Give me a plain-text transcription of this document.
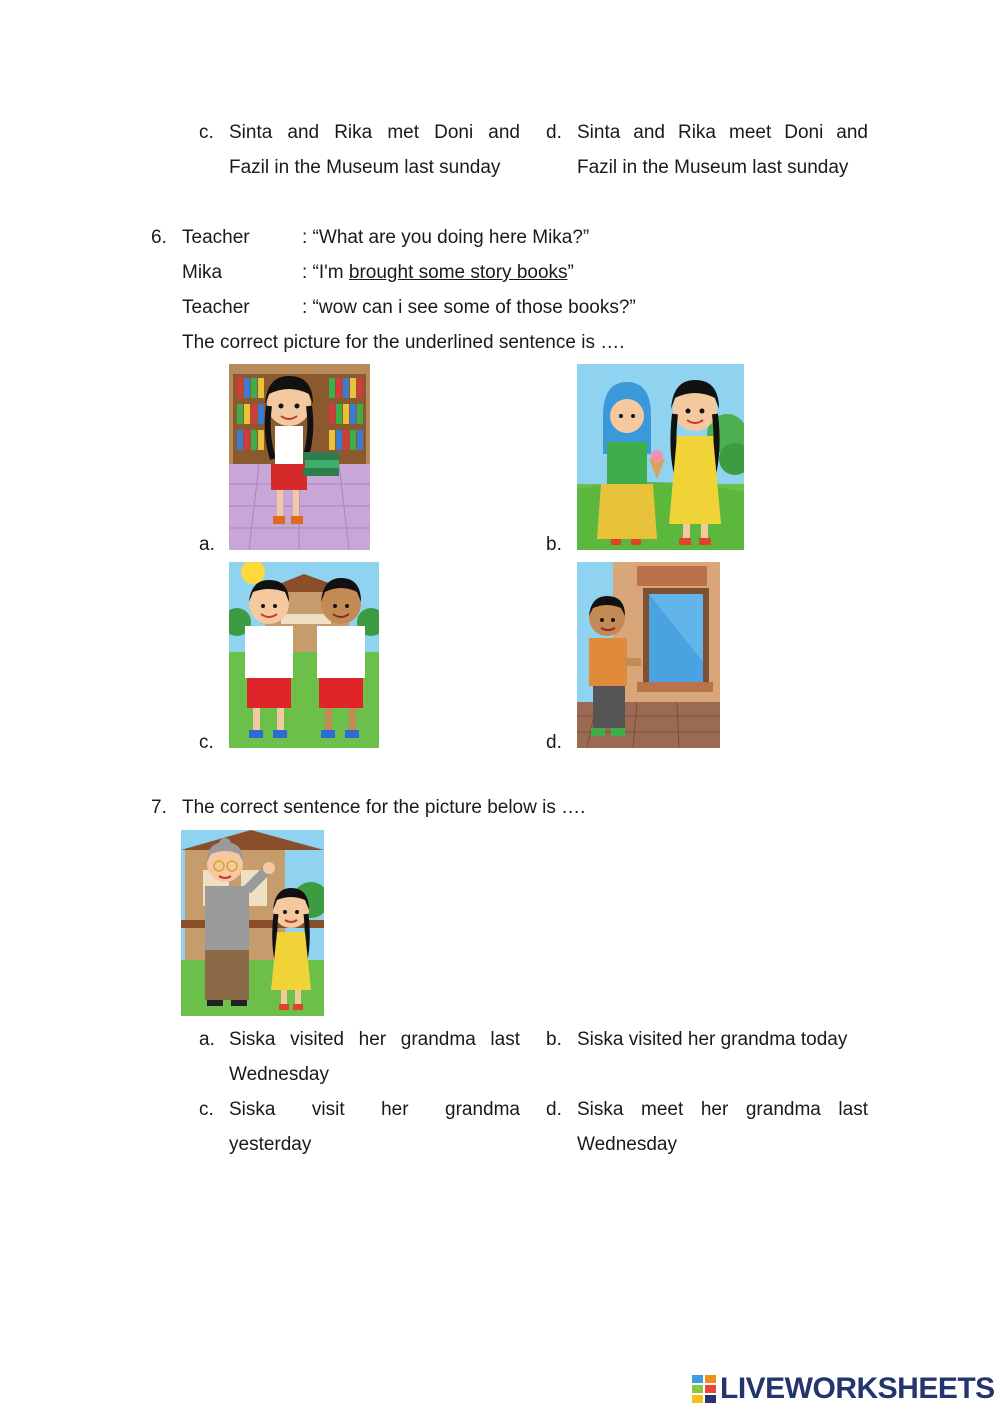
c. Sinta and Rika met Doni and
Fazil in the Museum last sunday
d. Sinta and Rika meet Doni and
Fazil in the Museum last sunday
6. Teacher	: “What are you doing here Mika?”
Mika	: “I'm brought some story books”
Teacher	: “wow can i see some of those books?”
The correct picture for the underlined sentence is ….
a.	b.
c.	d.
7. The correct sentence for the picture below is ….
a. Siska visited her grandma last
Wednesday
b. Siska visited her grandma today
c. Siska visit her grandma
yesterday
d. Siska meet her grandma last
Wednesday
LIVEWORKSHEETS
